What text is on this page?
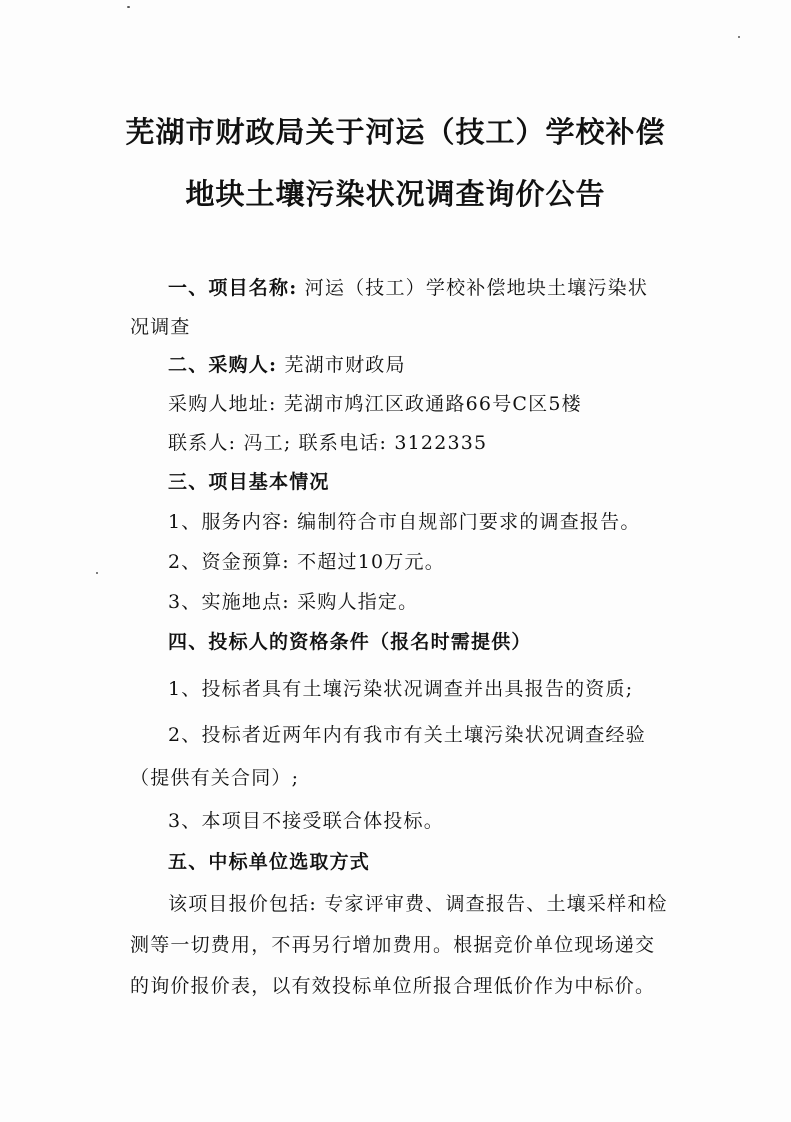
芜湖市财政局关于河运（技工）学校补偿
地块土壤污染状况调查询价公告
一、项目名称: 河运（技工）学校补偿地块土壤污染状
况调查
二、采购人: 芜湖市财政局
采购人地址: 芜湖市鸠江区政通路66号C区5楼
联系人: 冯工; 联系电话: 3122335
三、项目基本情况
1、服务内容: 编制符合市自规部门要求的调查报告。
2、资金预算: 不超过10万元。
3、实施地点: 采购人指定。
四、投标人的资格条件（报名时需提供）
1、投标者具有土壤污染状况调查并出具报告的资质;
2、投标者近两年内有我市有关土壤污染状况调查经验
（提供有关合同）;
3、本项目不接受联合体投标。
五、中标单位选取方式
该项目报价包括: 专家评审费、调查报告、土壤采样和检
测等一切费用，不再另行增加费用。根据竞价单位现场递交
的询价报价表，以有效投标单位所报合理低价作为中标价。
